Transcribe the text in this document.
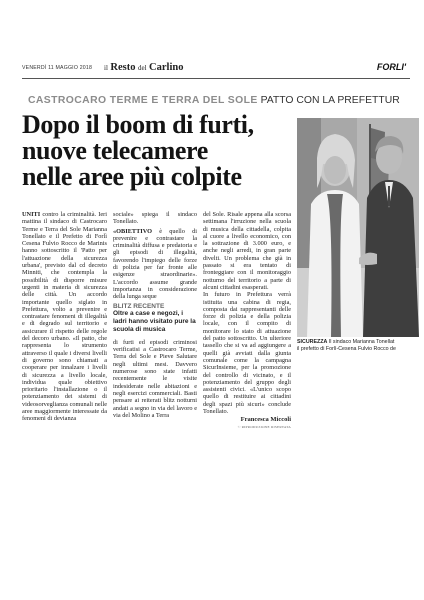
VENERDÌ 11 MAGGIO 2018 il Resto del Carlino	FORLI'
CASTROCARO TERME E TERRA DEL SOLE PATTO CON LA PREFETTUR
Dopo il boom di furti,
nuove telecamere
nelle aree più colpite

UNITI contro la criminalità. Ieri mattina il sindaco di Castrocaro Terme e Terra del Sole Marianna Tonellato e il Prefetto di Forlì Cesena Fulvio Rocco de Marinis hanno sottoscritto il 'Patto per l'attuazione della sicurezza urbana', previsto dal cd decreto Minniti, che contempla la possibilità di disporre misure urgenti in materia di sicurezza delle città. Un accordo importante quello siglato in Prefettura, volto a prevenire e contrastare fenomeni di illegalità e di degrado sul territorio e assicurare il rispetto delle regole del decoro urbano. «Il patto, che rappresenta lo strumento attraverso il quale i diversi livelli di governo sono chiamati a cooperare per innalzare i livelli di sicurezza a livello locale, individua quale obiettivo prioritario l'installazione o il potenziamento dei sistemi di videosorveglianza comunali nelle aree maggiormente interessate da fenomeni di devianza

sociale» spiega il sindaco Tonellato.

«OBIETTIVO è quello di prevenire e contrastare la criminalità diffusa e predatoria e gli episodi di illegalità, favorendo l'impiego delle forze di polizia per far fronte alle esigenze straordinarie». L'accordo assume grande importanza in considerazione della lunga seque

BLITZ RECENTE
Oltre a case e negozi, i ladri hanno visitato pure la scuola di musica

di furti ed episodi criminosi verificatisi a Castrocaro Terme, Terra del Sole e Pieve Salutare negli ultimi mesi. Davvero numerose sono state infatti recentemente le visite indesiderate nelle abitazioni e negli esercizi commerciali. Basti pensare ai reiterati blitz notturni andati a segno in via del lavoro e via del Molino a Terra

del Sole. Risale appena alla scorsa settimana l'irruzione nella scuola di musica della cittadella, colpita al cuore a livello economico, con la sottrazione di 3.000 euro, e anche negli arredi, in gran parte divelti. Un problema che già in passato si era tentato di fronteggiare con il monitoraggio notturno del territorio a parte di alcuni cittadini esasperati.

In futuro in Prefettura verrà istituita una cabina di regia, composta dai rappresentanti delle forze di polizia e della polizia locale, con il compito di monitorare lo stato di attuazione del patto sottoscritto. Un ulteriore tassello che si va ad aggiungere a quelli già avviati dalla giunta comunale come la campagna SicurInsieme, per la promozione del controllo di vicinato, e il potenziamento del gruppo degli assistenti civici. «L'unico scopo quello di restituire ai cittadini degli spazi più sicuri» conclude Tonellato.

Francesca Miccoli
© RIPRODUZIONE RISERVATA
SICUREZZA Il sindaco Marianna Tonellat
il prefetto di Forlì-Cesena Fulvio Rocco de
